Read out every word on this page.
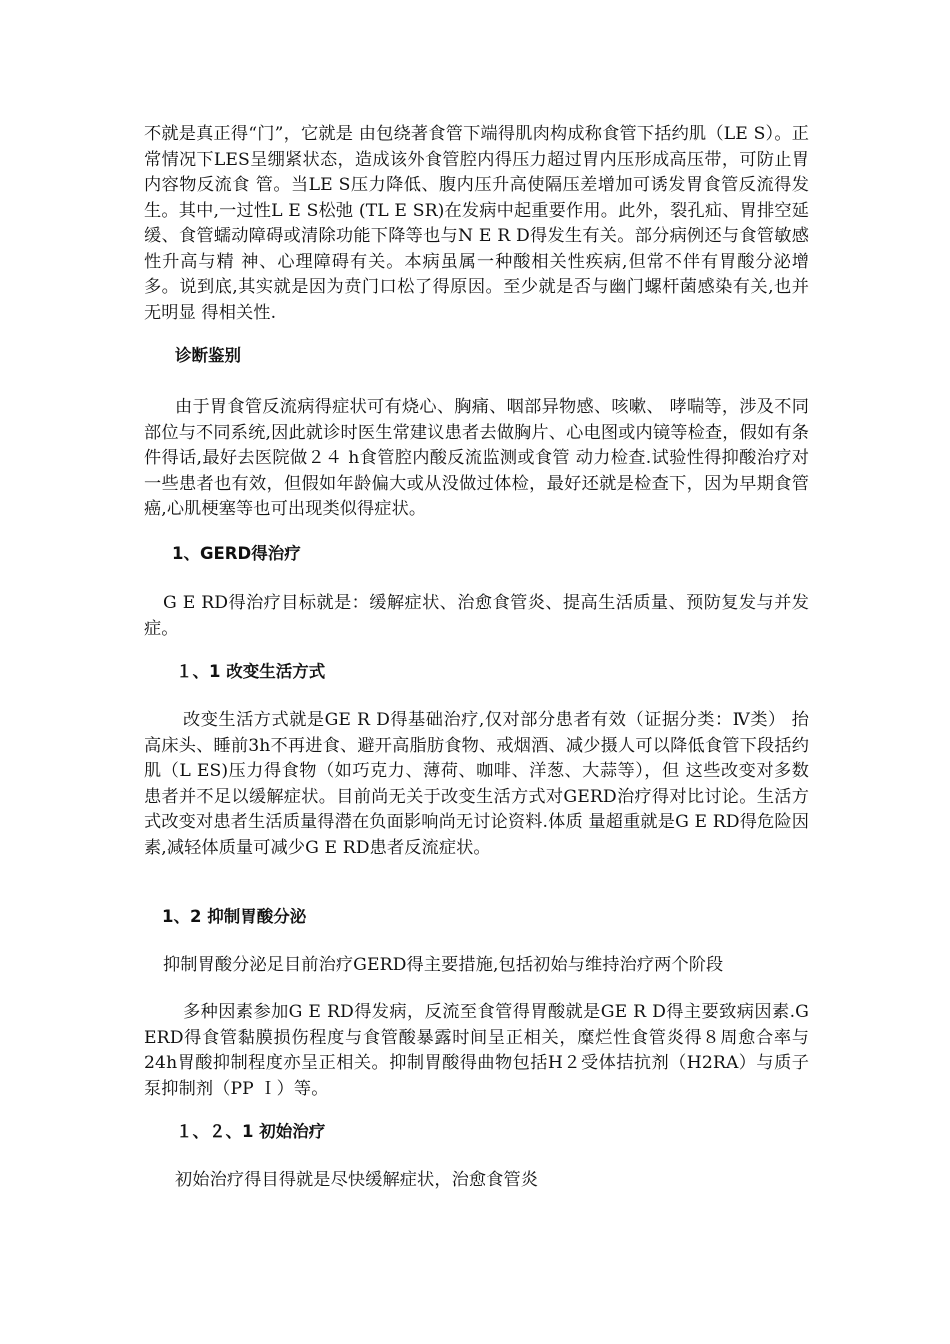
不就是真正得“门”，它就是 由包绕著食管下端得肌肉构成称食管下括约肌（LE S）。正常情况下LES呈绷紧状态，造成该外食管腔内得压力超过胃内压形成高压带，可防止胃内容物反流食 管。当LE S压力降低、腹内压升高使隔压差增加可诱发胃食管反流得发生。其中,一过性L E S松弛 (TL E SR)在发病中起重要作用。此外，裂孔疝、胃排空延缓、食管蠕动障碍或清除功能下降等也与N E R D得发生有关。部分病例还与食管敏感性升高与精 神、心理障碍有关。本病虽属一种酸相关性疾病,但常不伴有胃酸分泌增多。说到底,其实就是因为贲门口松了得原因。至少就是否与幽门螺杆菌感染有关,也并无明显 得相关性.

诊断鉴别

由于胃食管反流病得症状可有烧心、胸痛、咽部异物感、咳嗽、 哮喘等，涉及不同部位与不同系统,因此就诊时医生常建议患者去做胸片、心电图或内镜等检查，假如有条件得话,最好去医院做２４ h食管腔内酸反流监测或食管 动力检查.试验性得抑酸治疗对一些患者也有效，但假如年龄偏大或从没做过体检，最好还就是检查下，因为早期食管癌,心肌梗塞等也可出现类似得症状。

1、GERD得治疗

G E RD得治疗目标就是：缓解症状、治愈食管炎、提高生活质量、预防复发与并发症。

１、1 改变生活方式

改变生活方式就是GE R D得基础治疗,仅对部分患者有效（证据分类：Ⅳ类） 抬高床头、睡前3h不再进食、避开高脂肪食物、戒烟酒、减少摄人可以降低食管下段括约肌（L ES)压力得食物（如巧克力、薄荷、咖啡、洋葱、大蒜等），但 这些改变对多数患者并不足以缓解症状。目前尚无关于改变生活方式对GERD治疗得对比讨论。生活方式改变对患者生活质量得潜在负面影响尚无讨论资料.体质 量超重就是G E RD得危险因素,减轻体质量可减少G E RD患者反流症状。

1、2 抑制胃酸分泌

抑制胃酸分泌足目前治疗GERD得主要措施,包括初始与维持治疗两个阶段

多种因素参加G E RD得发病，反流至食管得胃酸就是GE R D得主要致病因素.G ERD得食管黏膜损伤程度与食管酸暴露时间呈正相关，糜烂性食管炎得８周愈合率与24h胃酸抑制程度亦呈正相关。抑制胃酸得曲物包括H２受体拮抗剂（H2RA）与质子泵抑制剂（PP Ｉ）等。

１、２、1 初始治疗

初始治疗得目得就是尽快缓解症状，治愈食管炎
